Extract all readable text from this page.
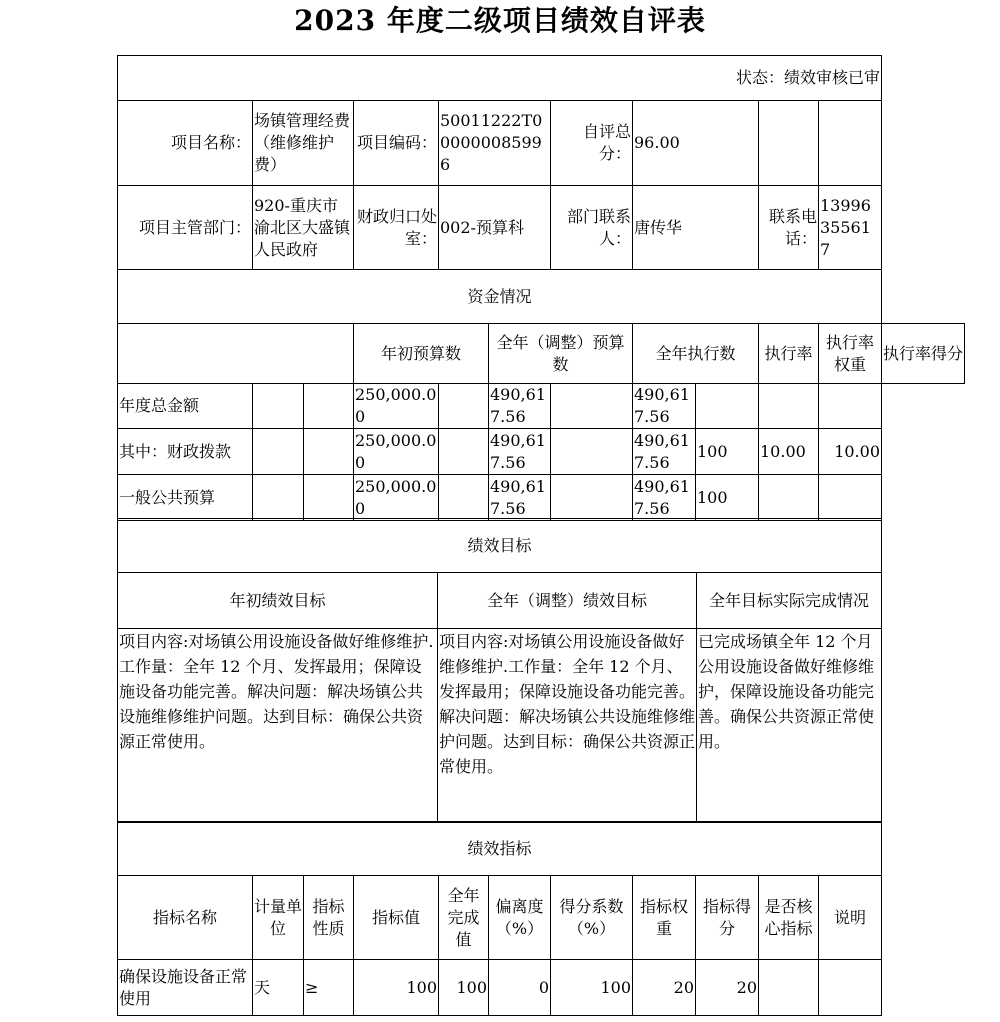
2023 年度二级项目绩效自评表
状态：绩效审核已审									
项目名称：	场镇管理经费（维修维护费）	项目编码：	50011222T000000085996		自评总分：	96.00			
项目主管部门：	920-重庆市渝北区大盛镇人民政府	财政归口处室：	002-预算科		部门联系人：	唐传华	联系电话：	13996355617	
资金情况									
		年初预算数		全年（调整）预算数		全年执行数	执行率	执行率权重	执行率得分
年度总金额			250,000.00		490,617.56		490,617.56			
其中：财政拨款			250,000.00		490,617.56		490,617.56	100	10.00	10.00
一般公共预算			250,000.00		490,617.56		490,617.56	100		
绩效目标		
年初绩效目标	全年（调整）绩效目标	全年目标实际完成情况
项目内容:对场镇公用设施设备做好维修维护.工作量：全年 12 个月、发挥最用；保障设施设备功能完善。解决问题：解决场镇公共设施维修维护问题。达到目标：确保公共资源正常使用。	项目内容:对场镇公用设施设备做好维修维护.工作量：全年 12 个月、发挥最用；保障设施设备功能完善。解决问题：解决场镇公共设施维修维护问题。达到目标：确保公共资源正常使用。	已完成场镇全年 12 个月公用设施设备做好维修维护，保障设施设备功能完善。确保公共资源正常使用。
绩效指标										
指标名称	计量单位	指标性质	指标值	全年完成值	偏离度（%）	得分系数（%）	指标权重	指标得分	是否核心指标	说明
确保设施设备正常使用	天	≥	100	100	0	100	20	20		
